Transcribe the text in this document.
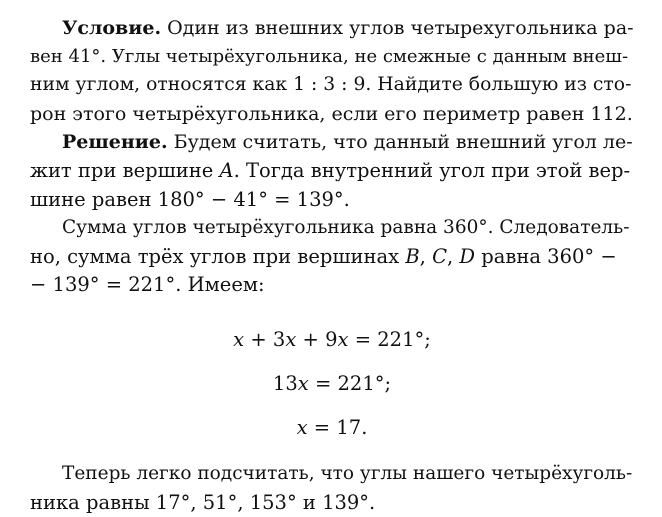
Условие. Один из внешних углов четырехугольника ра-
вен 41°. Углы четырёхугольника, не смежные с данным внеш-
ним углом, относятся как 1 : 3 : 9. Найдите большую из сто-
рон этого четырёхугольника, если его периметр равен 112.
Решение. Будем считать, что данный внешний угол ле-
жит при вершине A. Тогда внутренний угол при этой вер-
шине равен 180° − 41° = 139°.
Сумма углов четырёхугольника равна 360°. Следователь-
но, сумма трёх углов при вершинах B, C, D равна 360° −
− 139° = 221°. Имеем:
x + 3x + 9x = 221°;
13x = 221°;
x = 17.
Теперь легко подсчитать, что углы нашего четырёхуголь-
ника равны 17°, 51°, 153° и 139°.
